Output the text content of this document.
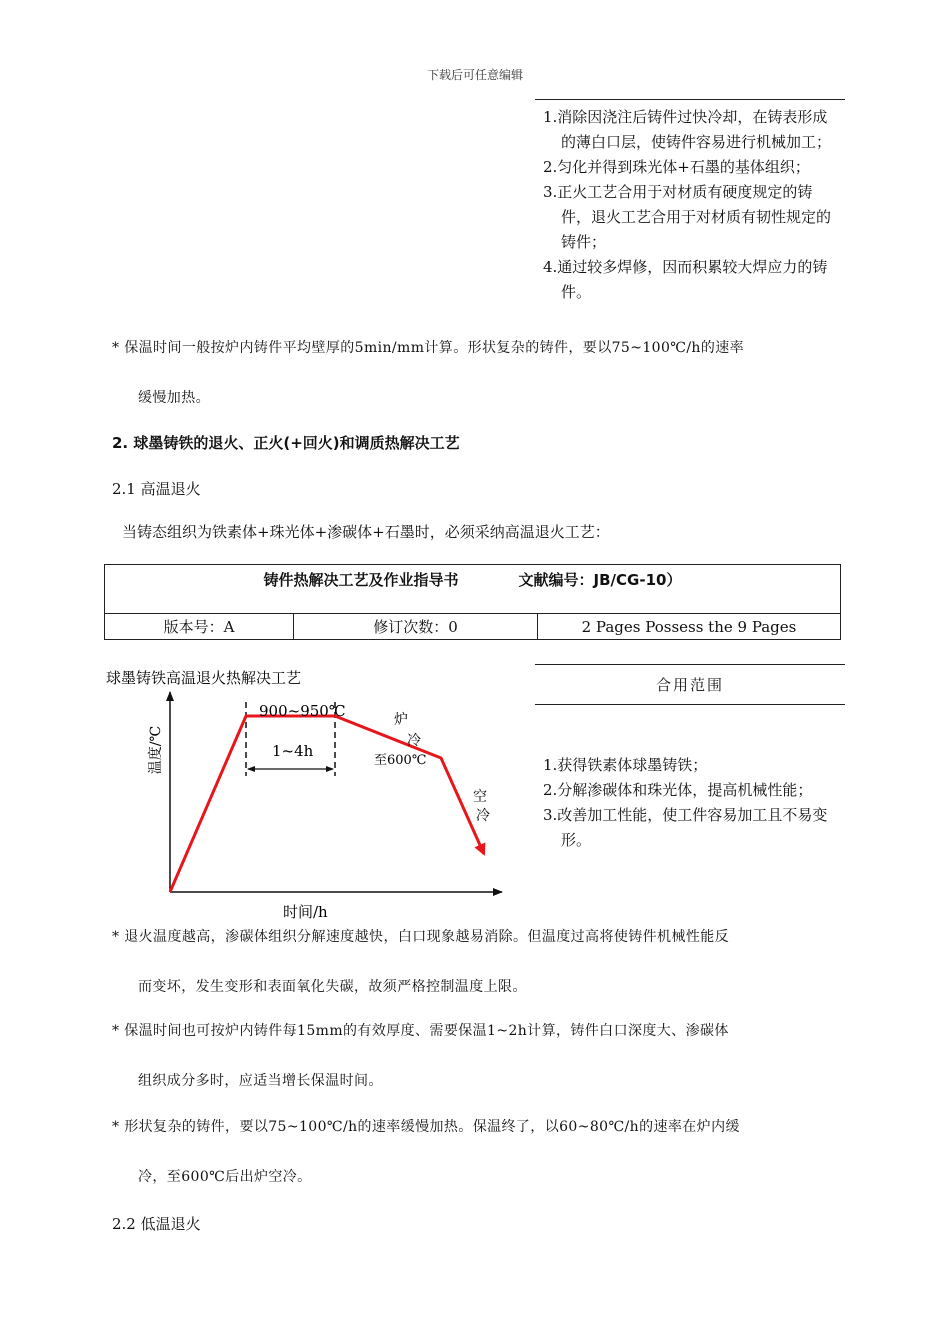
下载后可任意编辑
1.消除因浇注后铸件过快冷却，在铸表形成的薄白口层，使铸件容易进行机械加工；
2.匀化并得到珠光体+石墨的基体组织；
3.正火工艺合用于对材质有硬度规定的铸件，退火工艺合用于对材质有韧性规定的铸件；
4.通过较多焊修，因而积累较大焊应力的铸件。
* 保温时间一般按炉内铸件平均壁厚的5min/mm计算。形状复杂的铸件，要以75~100℃/h的速率
缓慢加热。
2. 球墨铸铁的退火、正火(+回火)和调质热解决工艺
2.1 高温退火
当铸态组织为铁素体+珠光体+渗碳体+石墨时，必须采纳高温退火工艺：
铸件热解决工艺及作业指导书	文献编号：JB/CG-10）

版本号：A	修订次数：0	2 Pages Possess the 9 Pages
球墨铸铁高温退火热解决工艺
温度/℃
时间/h
900~950℃
1~4h
炉
冷
至600℃
空
冷
合用范围
1.获得铁素体球墨铸铁；
2.分解渗碳体和珠光体，提高机械性能；
3.改善加工性能，使工件容易加工且不易变形。
* 退火温度越高，渗碳体组织分解速度越快，白口现象越易消除。但温度过高将使铸件机械性能反
而变坏，发生变形和表面氧化失碳，故须严格控制温度上限。
* 保温时间也可按炉内铸件每15mm的有效厚度、需要保温1~2h计算，铸件白口深度大、渗碳体
组织成分多时，应适当增长保温时间。
* 形状复杂的铸件，要以75~100℃/h的速率缓慢加热。保温终了，以60~80℃/h的速率在炉内缓
冷，至600℃后出炉空冷。
2.2 低温退火
